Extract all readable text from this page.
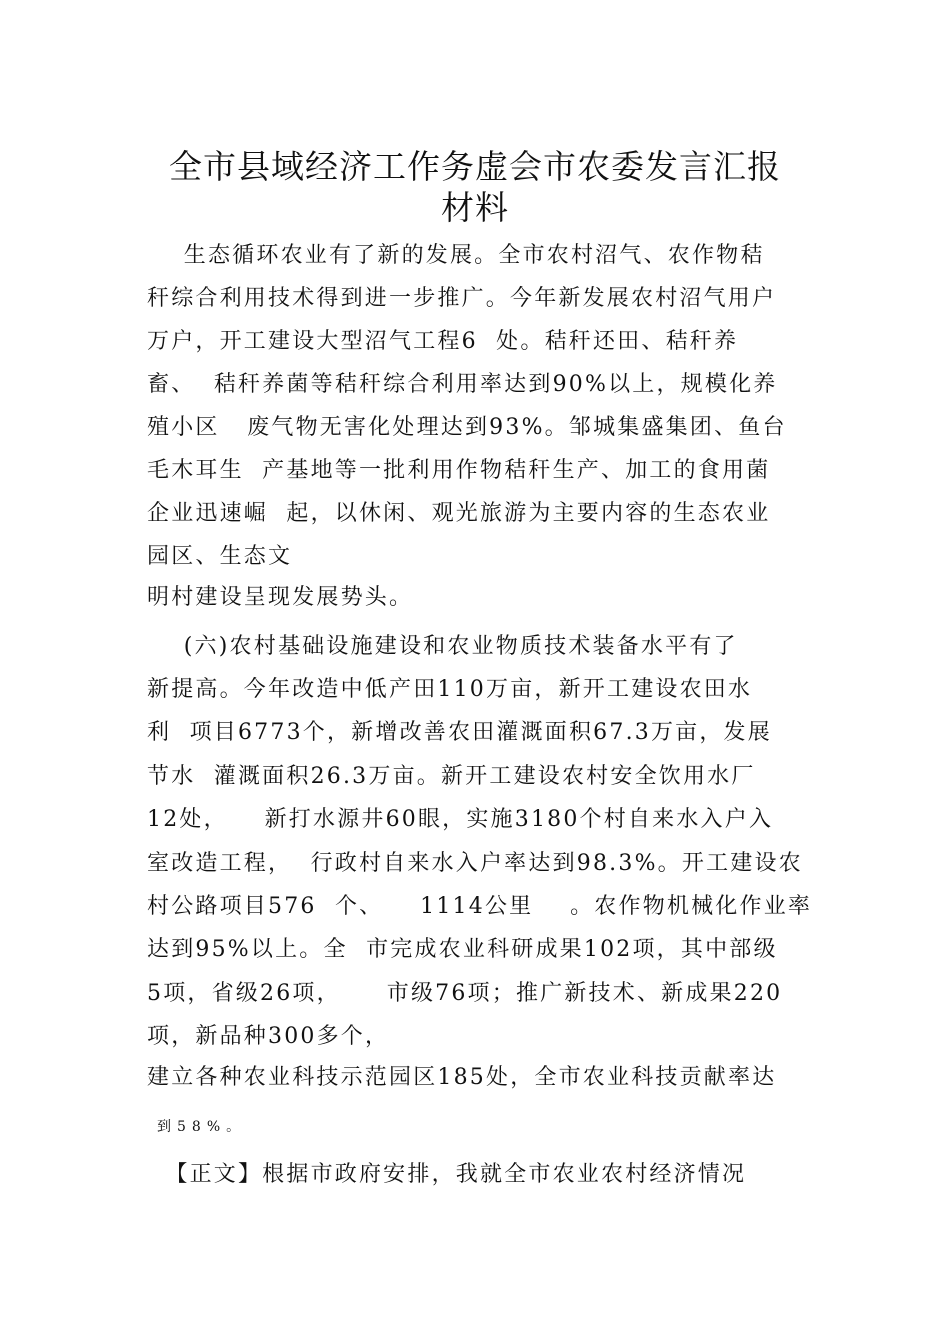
全市县域经济工作务虚会市农委发言汇报
材料

生态循环农业有了新的发展。全市农村沼气、农作物秸

秆综合利用技术得到进一步推广。今年新发展农村沼气用户

万户，开工建设大型沼气工程6  处。秸秆还田、秸秆养

畜、  秸秆养菌等秸秆综合利用率达到90%以上，规模化养

殖小区   废气物无害化处理达到93%。邹城集盛集团、鱼台

毛木耳生  产基地等一批利用作物秸秆生产、加工的食用菌

企业迅速崛  起，以休闲、观光旅游为主要内容的生态农业

园区、生态文

明村建设呈现发展势头。

(六)农村基础设施建设和农业物质技术装备水平有了

新提高。今年改造中低产田110万亩，新开工建设农田水

利  项目6773个，新增改善农田灌溉面积67.3万亩，发展

节水  灌溉面积26.3万亩。新开工建设农村安全饮用水厂

12处，    新打水源井60眼，实施3180个村自来水入户入

室改造工程，  行政村自来水入户率达到98.3%。开工建设农

村公路项目576  个、    1114公里    。农作物机械化作业率

达到95%以上。全  市完成农业科研成果102项，其中部级

5项，省级26项，     市级76项；推广新技术、新成果220

项，新品种300多个，

建立各种农业科技示范园区185处，全市农业科技贡献率达

到58%。

【正文】根据市政府安排，我就全市农业农村经济情况
